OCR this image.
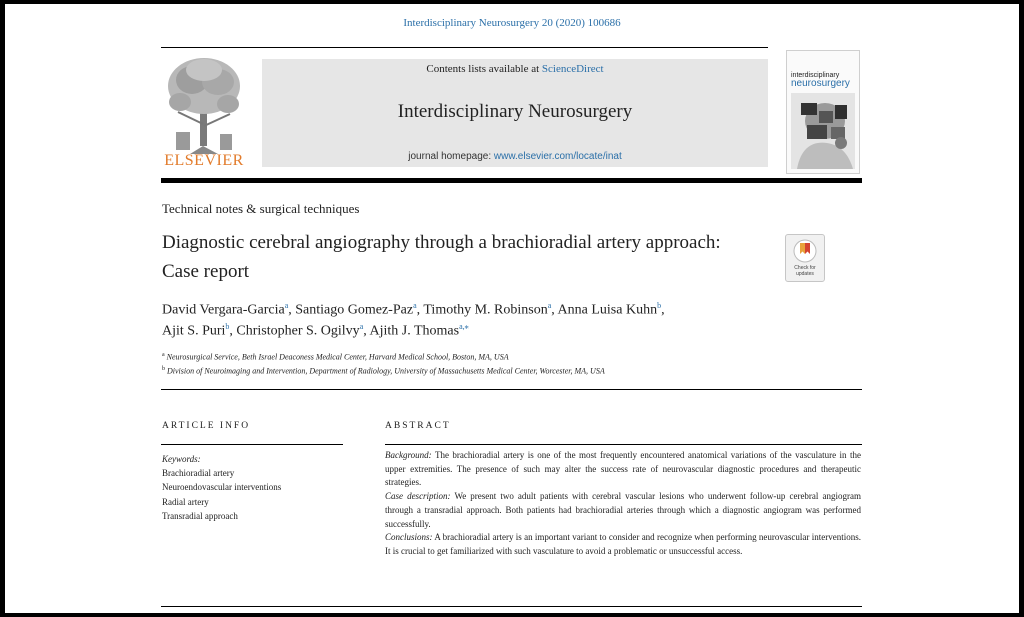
Interdisciplinary Neurosurgery 20 (2020) 100686
ELSEVIER
Contents lists available at ScienceDirect
Interdisciplinary Neurosurgery
journal homepage: www.elsevier.com/locate/inat
interdisciplinary
neurosurgery
Technical notes & surgical techniques
Diagnostic cerebral angiography through a brachioradial artery approach:
Case report	Check for
updates
David Vergara-Garcia$^a$, Santiago Gomez-Paz$^a$, Timothy M. Robinson$^a$, Anna Luisa Kuhn$^b$,
Ajit S. Puri$^b$, Christopher S. Ogilvy$^a$, Ajith J. Thomas$^{a,⁎}$
$^a$ Neurosurgical Service, Beth Israel Deaconess Medical Center, Harvard Medical School, Boston, MA, USA
$^b$ Division of Neuroimaging and Intervention, Department of Radiology, University of Massachusetts Medical Center, Worcester, MA, USA
ARTICLE INFO
Keywords:
Brachioradial artery
Neuroendovascular interventions
Radial artery
Transradial approach
ABSTRACT

Background: The brachioradial artery is one of the most frequently encountered anatomical variations of the vasculature in the upper extremities. The presence of such may alter the success rate of neurovascular diagnostic procedures and therapeutic strategies.

Case description: We present two adult patients with cerebral vascular lesions who underwent follow-up cerebral angiogram through a transradial approach. Both patients had brachioradial arteries through which a diagnostic angiogram was performed successfully.

Conclusions: A brachioradial artery is an important variant to consider and recognize when performing neurovascular interventions. It is crucial to get familiarized with such vasculature to avoid a problematic or unsuccessful access.
